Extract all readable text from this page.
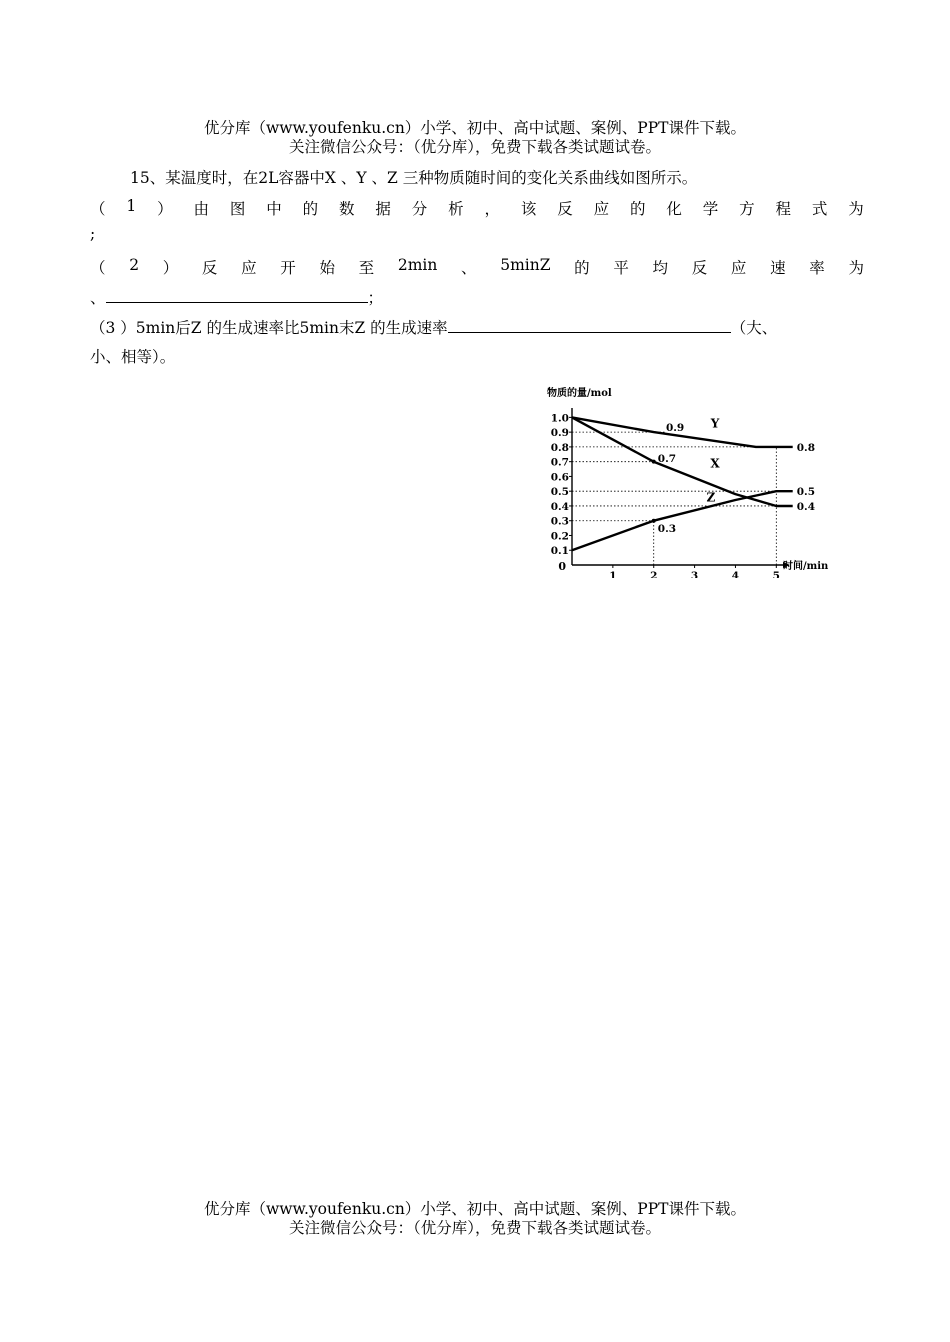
优分库（www.youfenku.cn）小学、初中、高中试题、案例、PPT课件下载。
关注微信公众号：（优分库），免费下载各类试题试卷。
15、某温度时，在2L容器中X 、Y 、Z 三种物质随时间的变化关系曲线如图所示。
（ 1 ） 由 图 中 的 数 据 分 析 ， 该 反 应 的 化 学 方 程 式 为
;
（ 2 ） 反 应 开 始 至 2min 、 5minZ 的 平 均 反 应 速 率 为
、	；
（3 ）5min后Z 的生成速率比5min末Z 的生成速率	（大、
小、相等）。
物质的量/mol
时间/min
0
0.1
0.2
0.3
0.4
0.5
0.6
0.7
0.8
0.9
1.0
1	2	3	4	5
Y
X
Z
0.9
0.7
0.3
0.8
0.5
0.4
优分库（www.youfenku.cn）小学、初中、高中试题、案例、PPT课件下载。
关注微信公众号：（优分库），免费下载各类试题试卷。
